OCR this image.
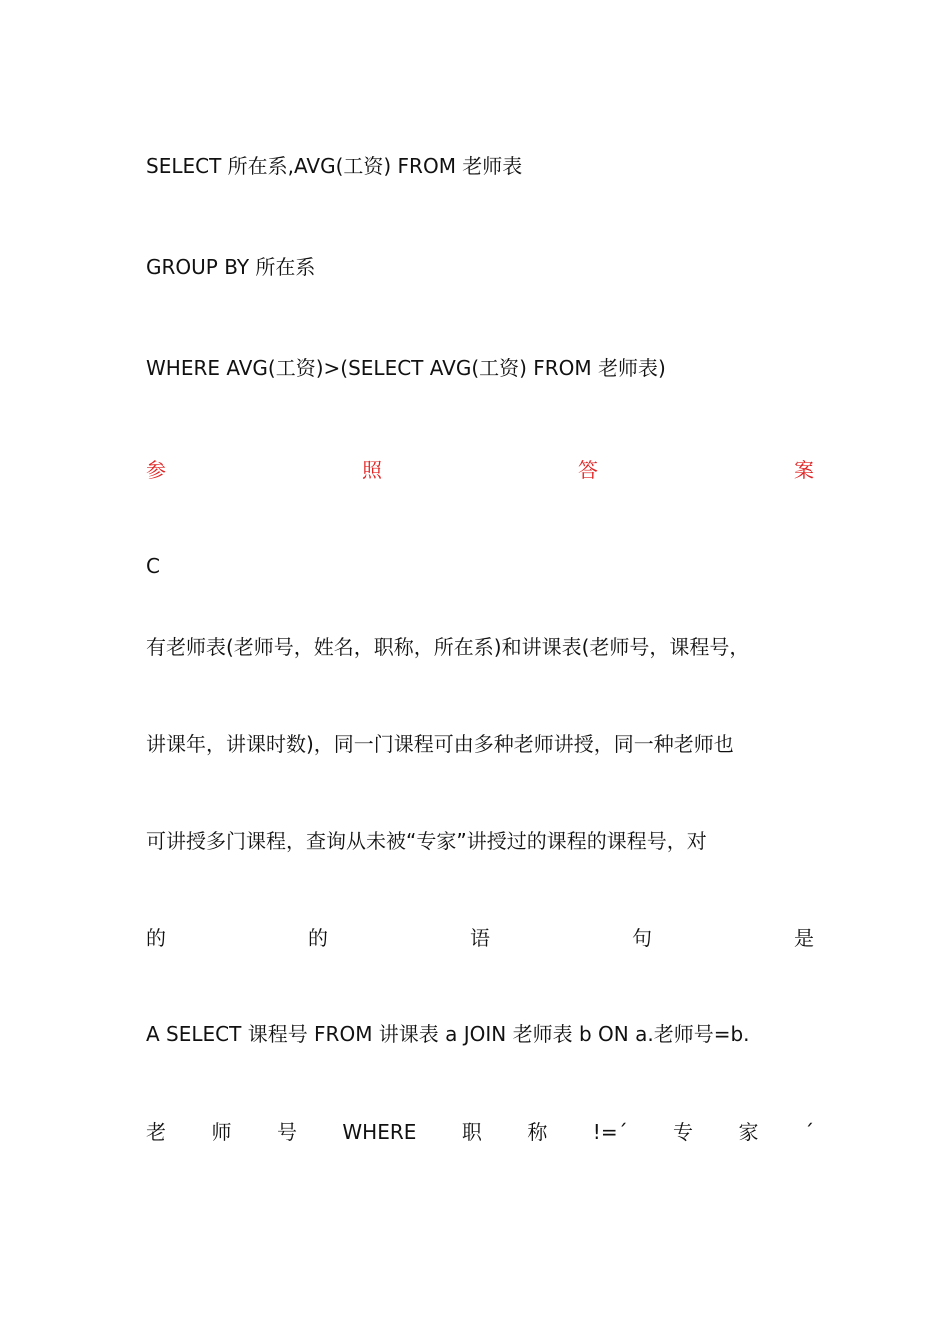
SELECT 所在系,AVG(工资) FROM 老师表
GROUP BY 所在系
WHERE AVG(工资)>(SELECT AVG(工资) FROM 老师表)
参	照	答	案
C
有老师表(老师号，姓名，职称，所在系)和讲课表(老师号，课程号，
讲课年，讲课时数)，同一门课程可由多种老师讲授，同一种老师也
可讲授多门课程，查询从未被“专家”讲授过的课程的课程号，对
的	的	语	句	是
A SELECT 课程号 FROM 讲课表 a JOIN 老师表 b ON a.老师号=b.
老 师 号 WHERE 职 称 !=´ 专 家 ´
